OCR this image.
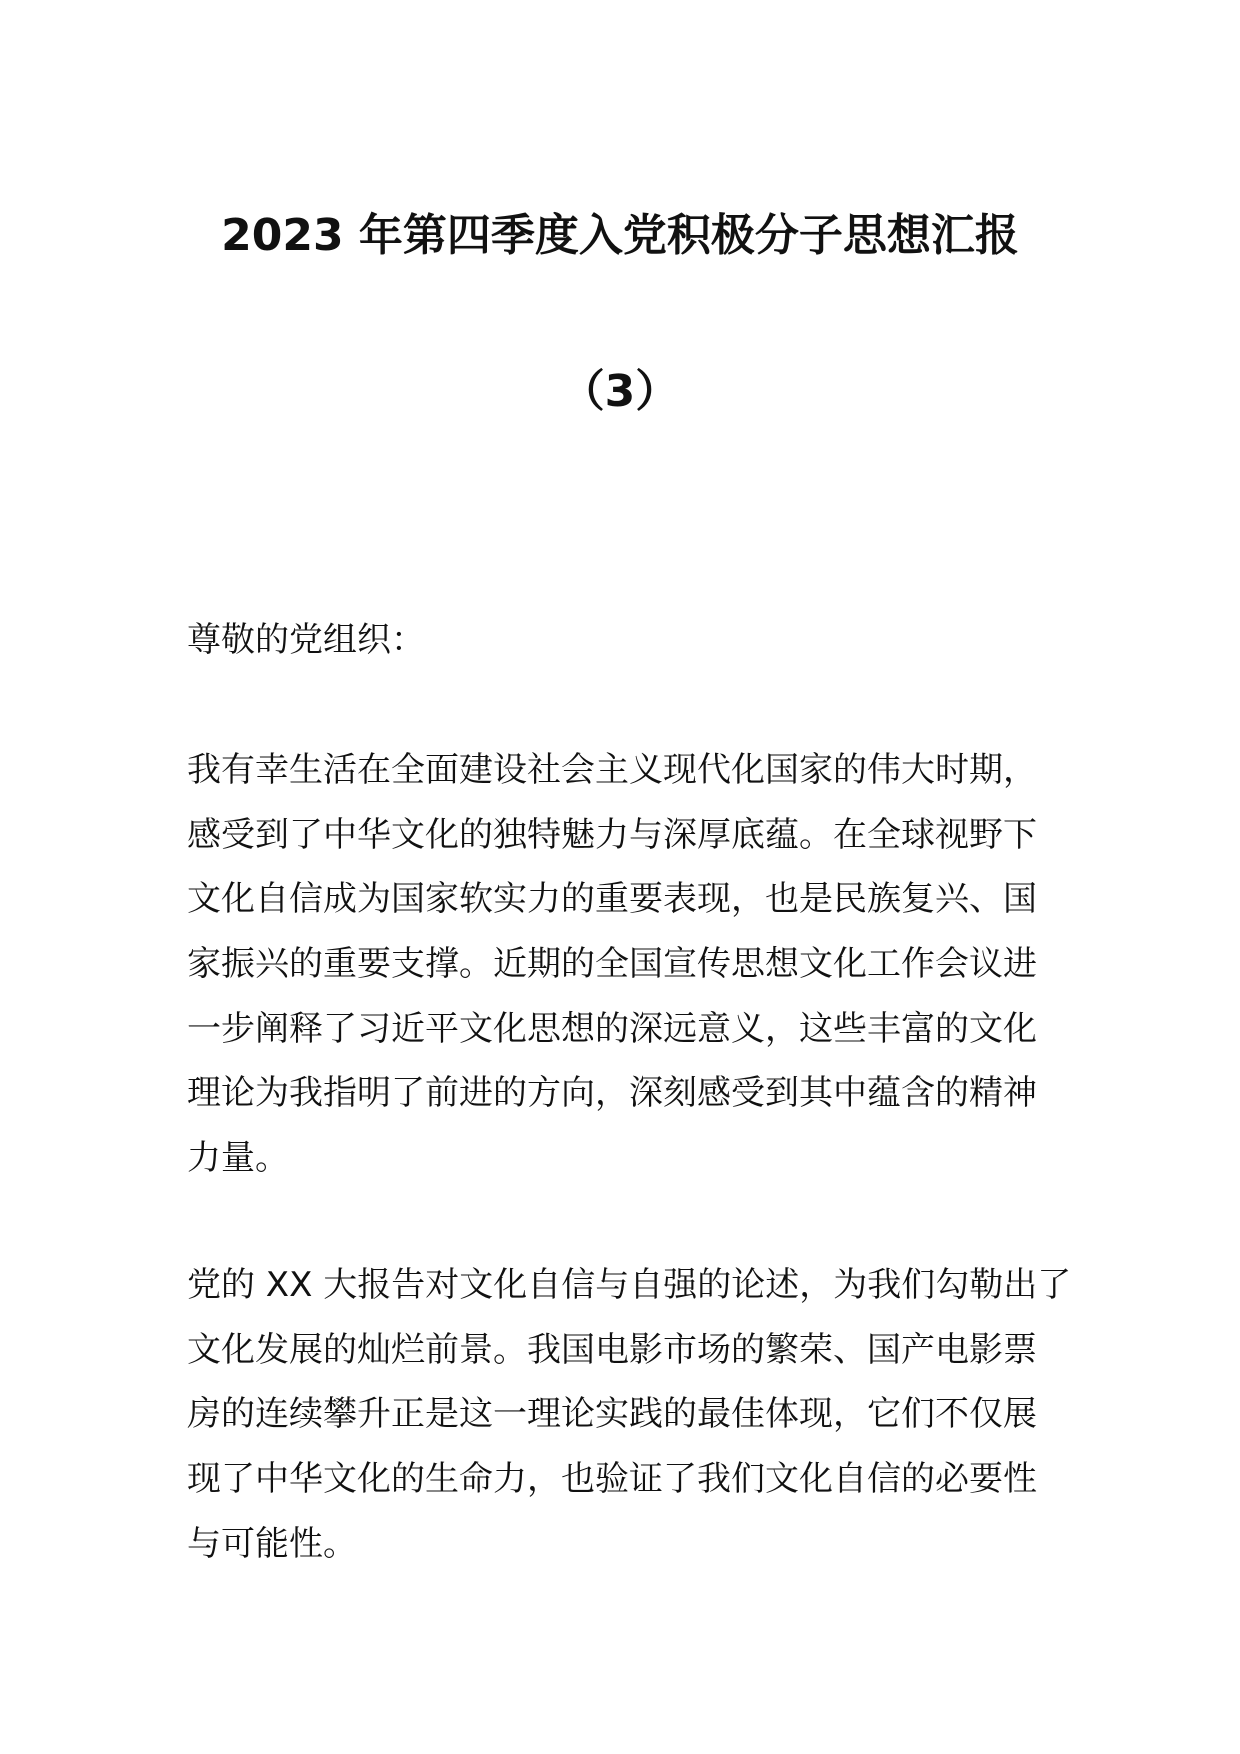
2023 年第四季度入党积极分子思想汇报
（3）
尊敬的党组织：
我有幸生活在全面建设社会主义现代化国家的伟大时期，
感受到了中华文化的独特魅力与深厚底蕴。在全球视野下
文化自信成为国家软实力的重要表现，也是民族复兴、国
家振兴的重要支撑。近期的全国宣传思想文化工作会议进
一步阐释了习近平文化思想的深远意义，这些丰富的文化
理论为我指明了前进的方向，深刻感受到其中蕴含的精神
力量。
党的 XX 大报告对文化自信与自强的论述，为我们勾勒出了
文化发展的灿烂前景。我国电影市场的繁荣、国产电影票
房的连续攀升正是这一理论实践的最佳体现，它们不仅展
现了中华文化的生命力，也验证了我们文化自信的必要性
与可能性。
